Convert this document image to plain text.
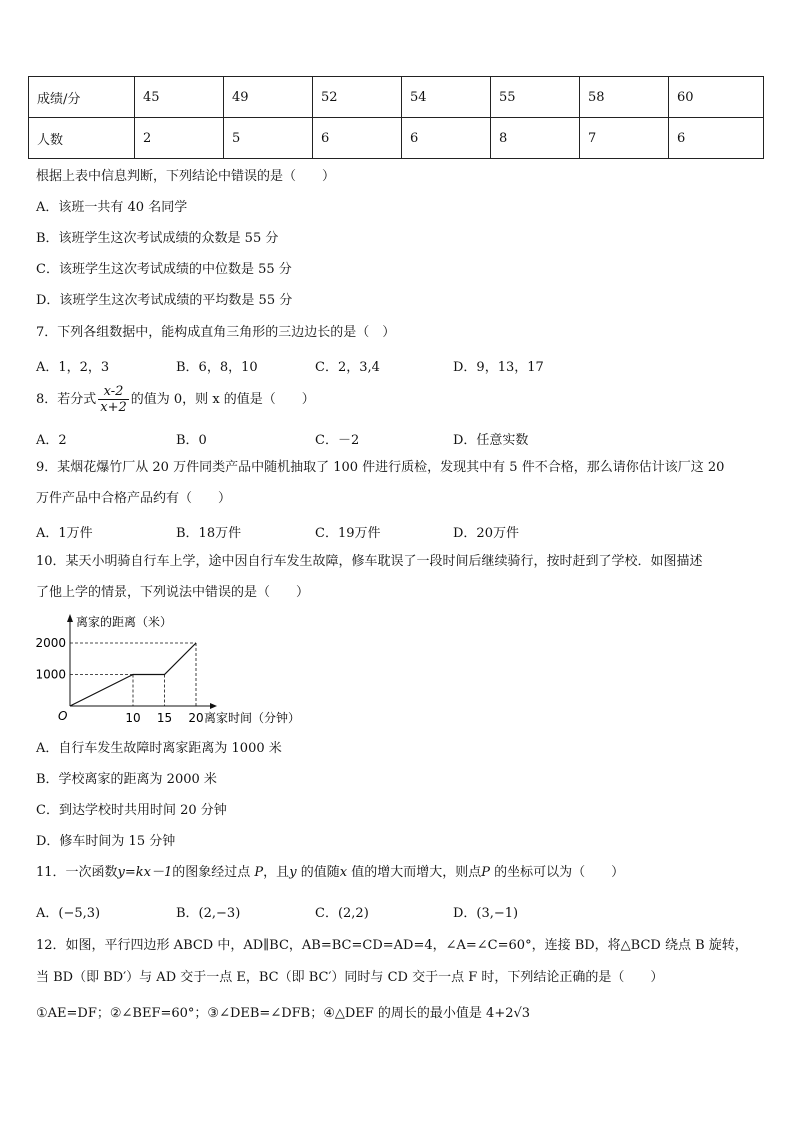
成绩/分	45	49	52	54	55	58	60
人数	2	5	6	6	8	7	6
根据上表中信息判断，下列结论中错误的是（　　）
A．该班一共有 40 名同学
B．该班学生这次考试成绩的众数是 55 分
C．该班学生这次考试成绩的中位数是 55 分
D．该班学生这次考试成绩的平均数是 55 分
7．下列各组数据中，能构成直角三角形的三边边长的是（　）
A．1，2，3	B．6，8，10	C．2，3,4	D．9，13，17
8．若分式 $\frac{x-2}{x+2}$ 的值为 0，则 x 的值是（　　）
A．2	B．0	C．－2	D．任意实数
9．某烟花爆竹厂从 20 万件同类产品中随机抽取了 100 件进行质检，发现其中有 5 件不合格，那么请你估计该厂这 20
万件产品中合格产品约有（　　）
A．1万件	B．18万件	C．19万件	D．20万件
10．某天小明骑自行车上学，途中因自行车发生故障，修车耽误了一段时间后继续骑行，按时赶到了学校．如图描述
了他上学的情景，下列说法中错误的是（　　）
1000
2000
10 15 20
O
离家的距离（米）
离家时间（分钟）
A．自行车发生故障时离家距离为 1000 米
B．学校离家的距离为 2000 米
C．到达学校时共用时间 20 分钟
D．修车时间为 15 分钟
11．一次函数y=kx－1的图象经过点 P，且y 的值随x 值的增大而增大，则点P 的坐标可以为（　　）
A．(−5,3)	B．(2,−3)	C．(2,2)	D．(3,−1)
12．如图，平行四边形 ABCD 中，AD∥BC，AB=BC=CD=AD=4，∠A=∠C=60°，连接 BD，将△BCD 绕点 B 旋转，
当 BD（即 BD′）与 AD 交于一点 E，BC（即 BC′）同时与 CD 交于一点 F 时，下列结论正确的是（　　）
①AE=DF；②∠BEF=60°；③∠DEB=∠DFB；④△DEF 的周长的最小值是 4+2√3
